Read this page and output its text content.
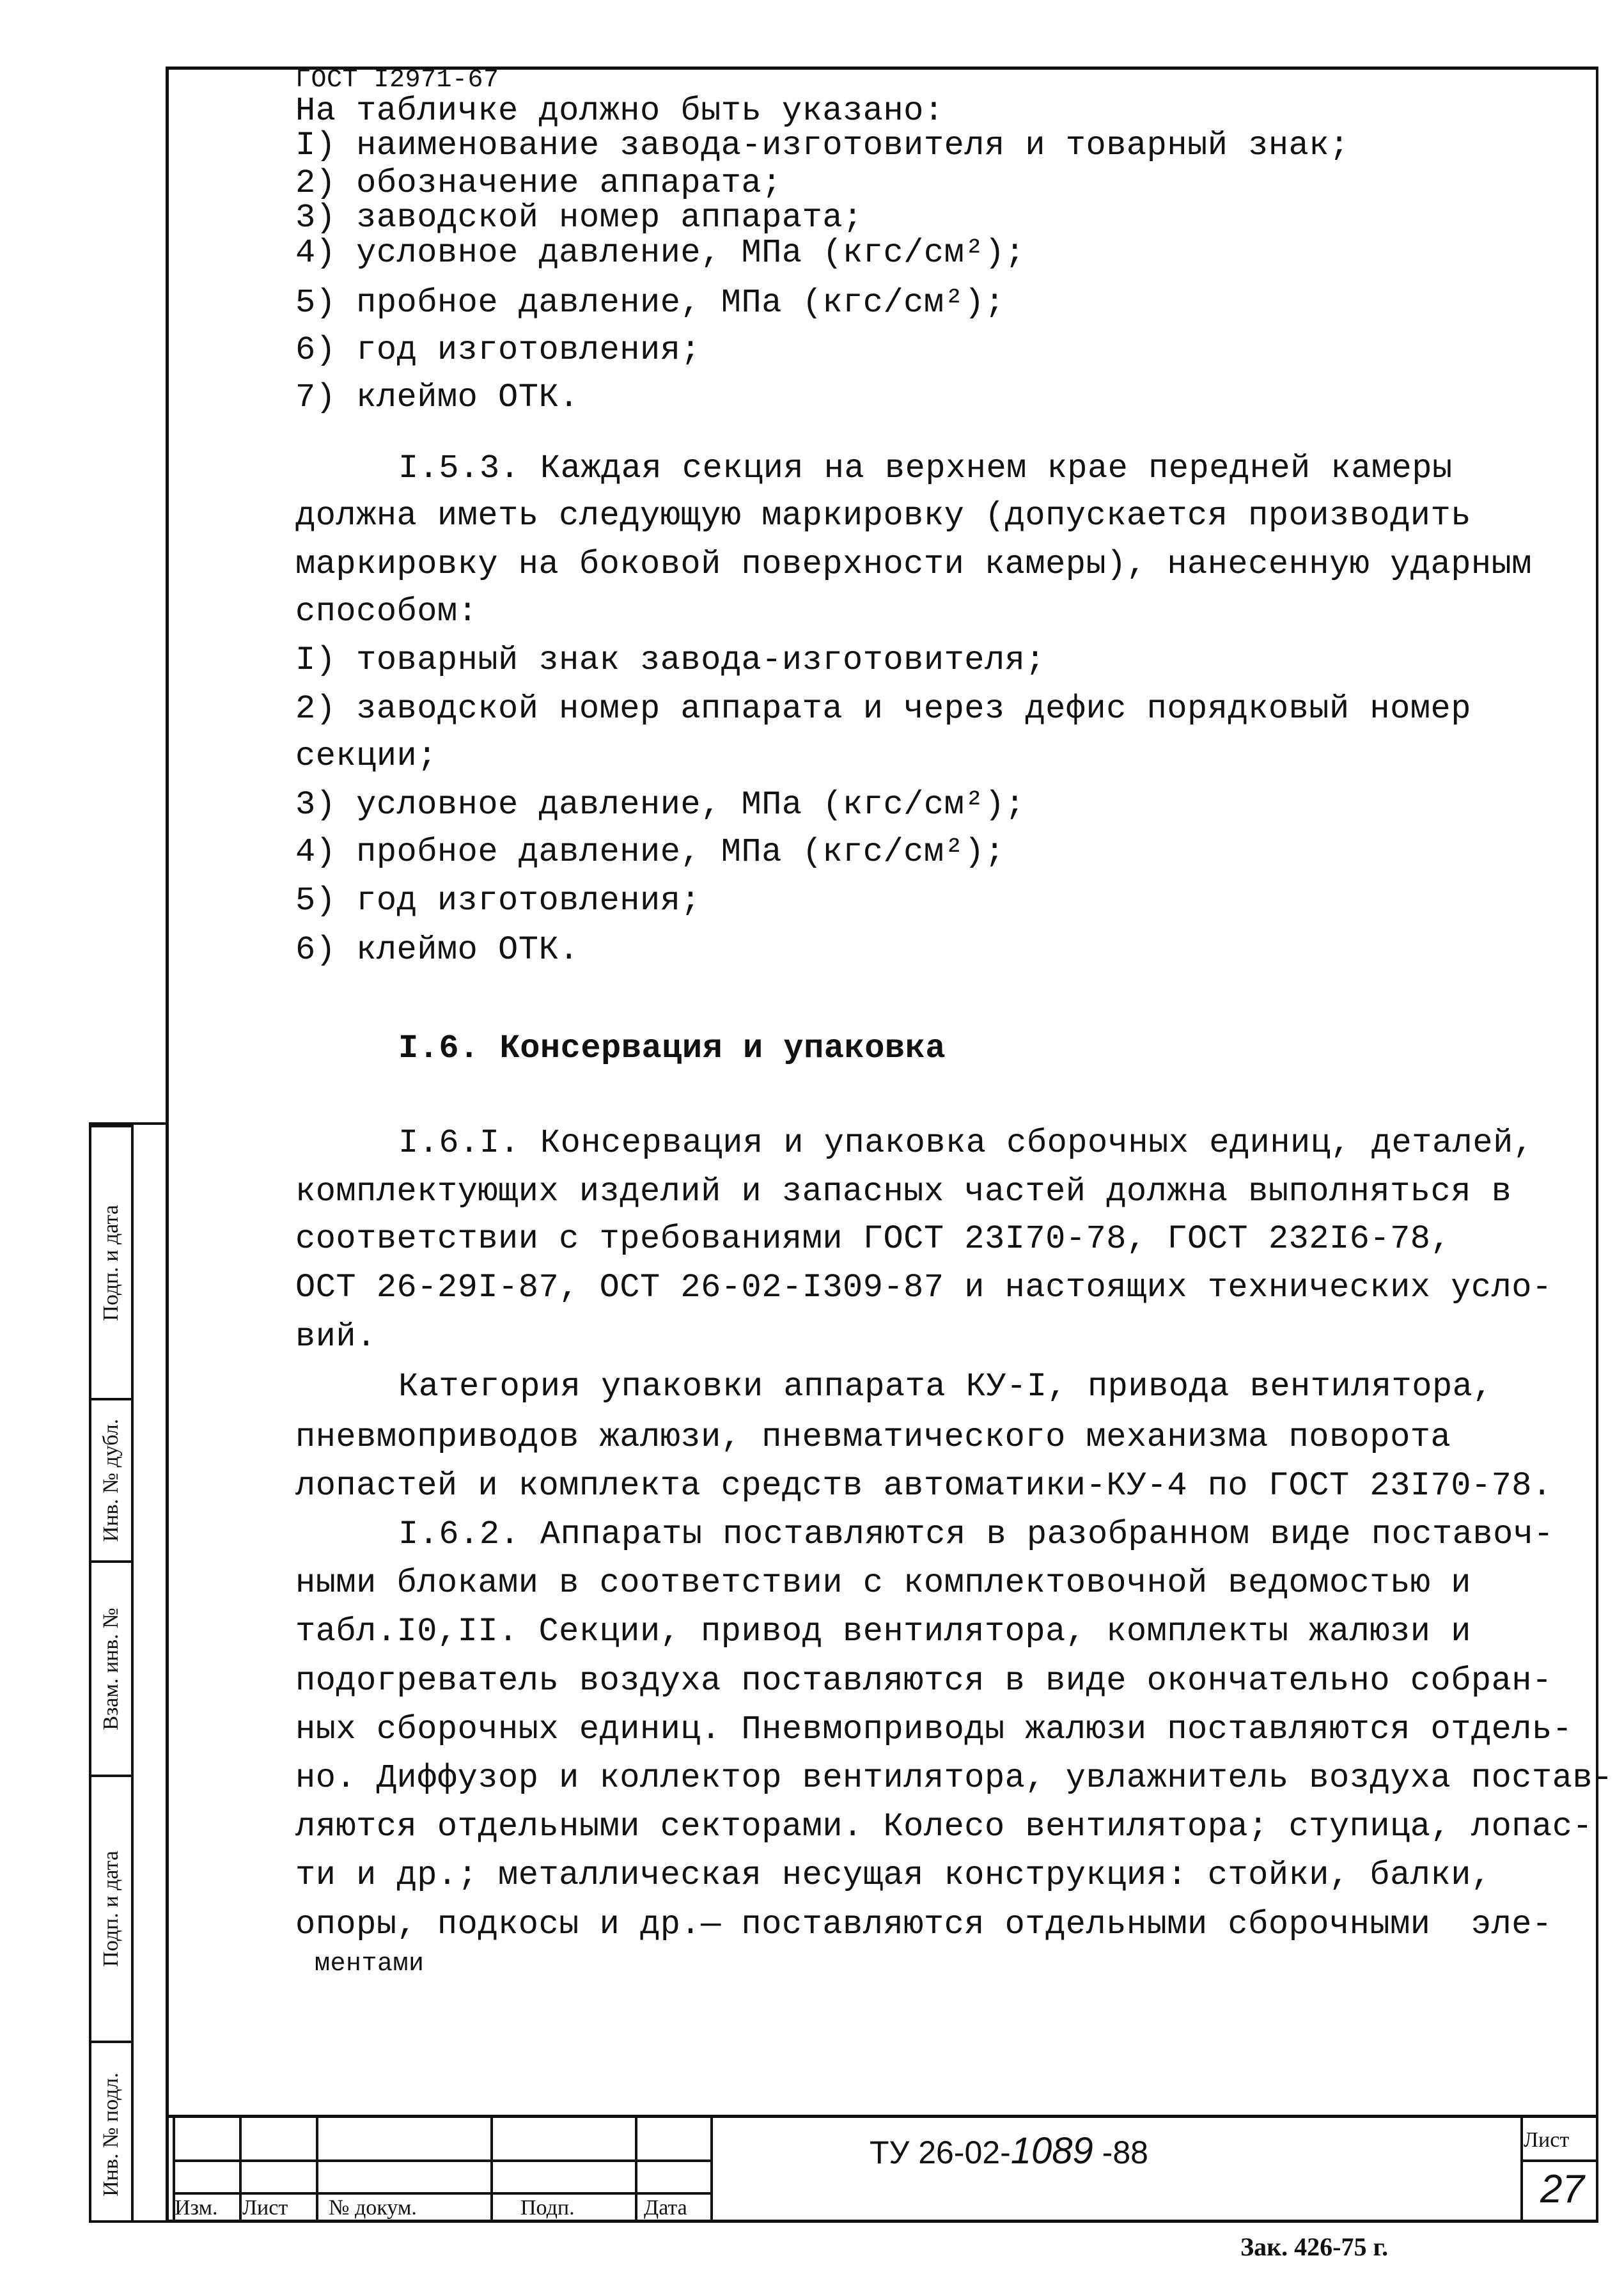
ГОСТ I2971-67
На табличке должно быть указано:
I) наименование завода-изготовителя и товарный знак;
2) обозначение аппарата;
3) заводской номер аппарата;
4) условное давление, МПа (кгс/см²);
5) пробное давление, МПа (кгс/см²);
6) год изготовления;
7) клеймо ОТК.
I.5.3. Каждая секция на верхнем крае передней камеры
должна иметь следующую маркировку (допускается производить
маркировку на боковой поверхности камеры), нанесенную ударным
способом:
I) товарный знак завода-изготовителя;
2) заводской номер аппарата и через дефис порядковый номер
секции;
3) условное давление, МПа (кгс/см²);
4) пробное давление, МПа (кгс/см²);
5) год изготовления;
6) клеймо ОТК.
I.6. Консервация и упаковка
I.6.I. Консервация и упаковка сборочных единиц, деталей,
комплектующих изделий и запасных частей должна выполняться в
соответствии с требованиями ГОСТ 23I70-78, ГОСТ 232I6-78,
ОСТ 26-29I-87, ОСТ 26-02-I309-87 и настоящих технических усло-
вий.
Категория упаковки аппарата КУ-I, привода вентилятора,
пневмоприводов жалюзи, пневматического механизма поворота
лопастей и комплекта средств автоматики-КУ-4 по ГОСТ 23I70-78.
I.6.2. Аппараты поставляются в разобранном виде поставоч-
ными блоками в соответствии с комплектовочной ведомостью и
табл.I0,II. Секции, привод вентилятора, комплекты жалюзи и
подогреватель воздуха поставляются в виде окончательно собран-
ных сборочных единиц. Пневмоприводы жалюзи поставляются отдель-
но. Диффузор и коллектор вентилятора, увлажнитель воздуха постав-
ляются отдельными секторами. Колесо вентилятора; ступица, лопас-
ти и др.; металлическая несущая конструкция: стойки, балки,
опоры, подкосы и др.— поставляются отдельными сборочными  эле-
ментами
Подп. и дата
Инв. № дубл.
Взам. инв. №
Подп. и дата
Инв. № подл.
Изм. Лист № докум.	Подп.	Дата
Лист
27
ТУ 26-02-1089 -88
Зак. 426-75 г.
